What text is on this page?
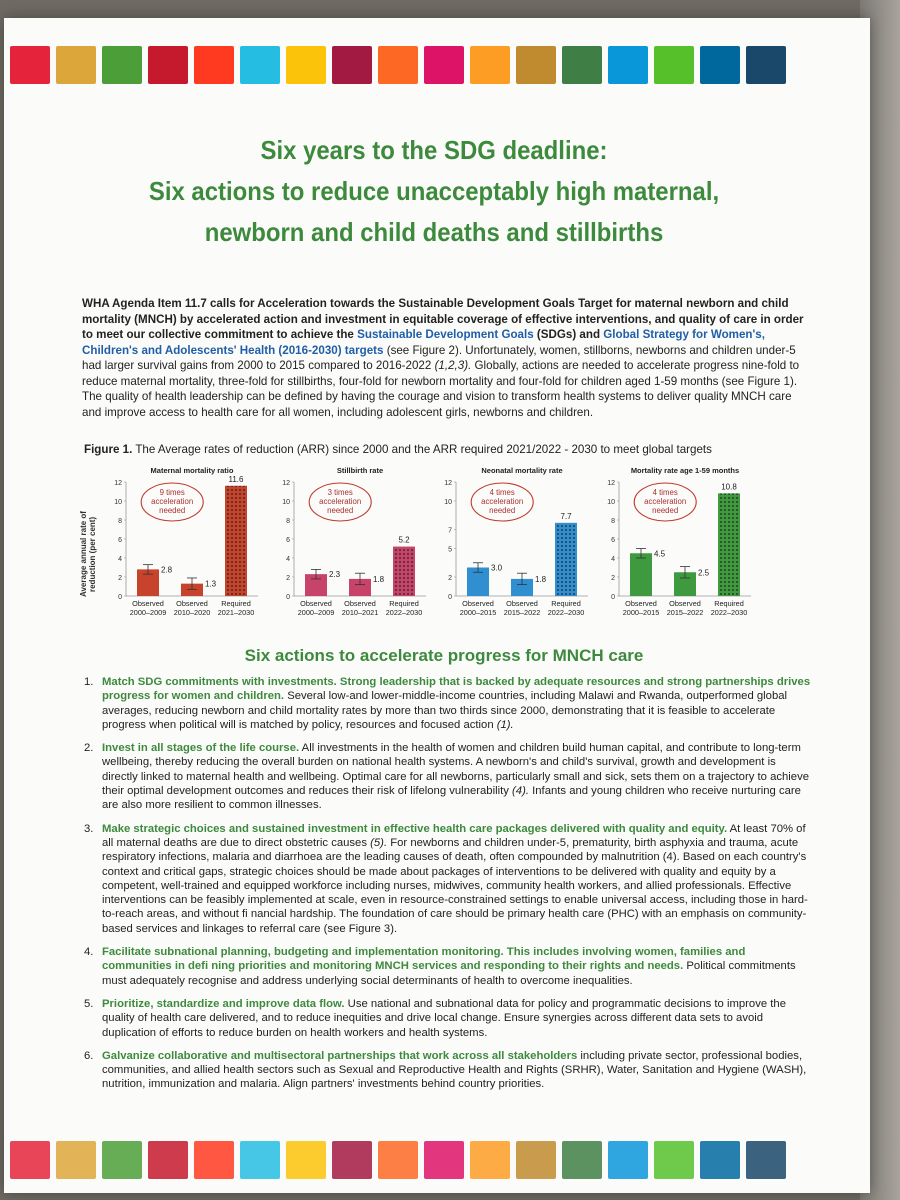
Six years to the SDG deadline:
Six actions to reduce unacceptably high maternal,
newborn and child deaths and stillbirths
WHA Agenda Item 11.7 calls for Acceleration towards the Sustainable Development Goals Target for maternal newborn and child mortality (MNCH) by accelerated action and investment in equitable coverage of effective interventions, and quality of care in order to meet our collective commitment to achieve the Sustainable Development Goals (SDGs) and Global Strategy for Women's, Children's and Adolescents' Health (2016-2030) targets (see Figure 2). Unfortunately, women, stillborns, newborns and children under-5 had larger survival gains from 2000 to 2015 compared to 2016-2022 (1,2,3). Globally, actions are needed to accelerate progress nine-fold to reduce maternal mortality, three-fold for stillbirths, four-fold for newborn mortality and four-fold for children aged 1-59 months (see Figure 1). The quality of health leadership can be defined by having the courage and vision to transform health systems to deliver quality MNCH care and improve access to health care for all women, including adolescent girls, newborns and children.
Figure 1. The Average rates of reduction (ARR) since 2000 and the ARR required 2021/2022 - 2030 to meet global targets
Average annual rate of reduction (per cent)
Maternal mortality ratio
0
2
4
6
8
10
12
2.8
Observed
2000–2009
1.3
Observed
2010–2020
11.6
Required
2021–2030
9 times
acceleration
needed
Stillbirth rate
0
2
4
6
8
10
12
2.3
Observed
2000–2009
1.8
Observed
2010–2021
5.2
Required
2022–2030
3 times
acceleration
needed
Neonatal mortality rate
0
2
5
7
10
12
3.0
Observed
2000–2015
1.8
Observed
2015–2022
7.7
Required
2022–2030
4 times
acceleration
needed
Mortality rate age 1-59 months
0
2
4
6
8
10
12
4.5
Observed
2000–2015
2.5
Observed
2015–2022
10.8
Required
2022–2030
4 times
acceleration
needed
Six actions to accelerate progress for MNCH care
1. Match SDG commitments with investments. Strong leadership that is backed by adequate resources and strong partnerships drives progress for women and children. Several low-and lower-middle-income countries, including Malawi and Rwanda, outperformed global averages, reducing newborn and child mortality rates by more than two thirds since 2000, demonstrating that it is feasible to accelerate progress when political will is matched by policy, resources and focused action (1).
2. Invest in all stages of the life course. All investments in the health of women and children build human capital, and contribute to long-term wellbeing, thereby reducing the overall burden on national health systems. A newborn's and child's survival, growth and development is directly linked to maternal health and wellbeing. Optimal care for all newborns, particularly small and sick, sets them on a trajectory to achieve their optimal development outcomes and reduces their risk of lifelong vulnerability (4). Infants and young children who receive nurturing care are also more resilient to common illnesses.
3. Make strategic choices and sustained investment in effective health care packages delivered with quality and equity. At least 70% of all maternal deaths are due to direct obstetric causes (5). For newborns and children under-5, prematurity, birth asphyxia and trauma, acute respiratory infections, malaria and diarrhoea are the leading causes of death, often compounded by malnutrition (4). Based on each country's context and critical gaps, strategic choices should be made about packages of interventions to be delivered with quality and equity by a competent, well-trained and equipped workforce including nurses, midwives, community health workers, and allied professionals. Effective interventions can be feasibly implemented at scale, even in resource-constrained settings to enable universal access, including those in hard-to-reach areas, and without fi nancial hardship. The foundation of care should be primary health care (PHC) with an emphasis on community-based services and linkages to referral care (see Figure 3).
4. Facilitate subnational planning, budgeting and implementation monitoring. This includes involving women, families and communities in defi ning priorities and monitoring MNCH services and responding to their rights and needs. Political commitments must adequately recognise and address underlying social determinants of health to overcome inequalities.
5. Prioritize, standardize and improve data flow. Use national and subnational data for policy and programmatic decisions to improve the quality of health care delivered, and to reduce inequities and drive local change. Ensure synergies across different data sets to avoid duplication of efforts to reduce burden on health workers and health systems.
6. Galvanize collaborative and multisectoral partnerships that work across all stakeholders including private sector, professional bodies, communities, and allied health sectors such as Sexual and Reproductive Health and Rights (SRHR), Water, Sanitation and Hygiene (WASH), nutrition, immunization and malaria. Align partners' investments behind country priorities.
